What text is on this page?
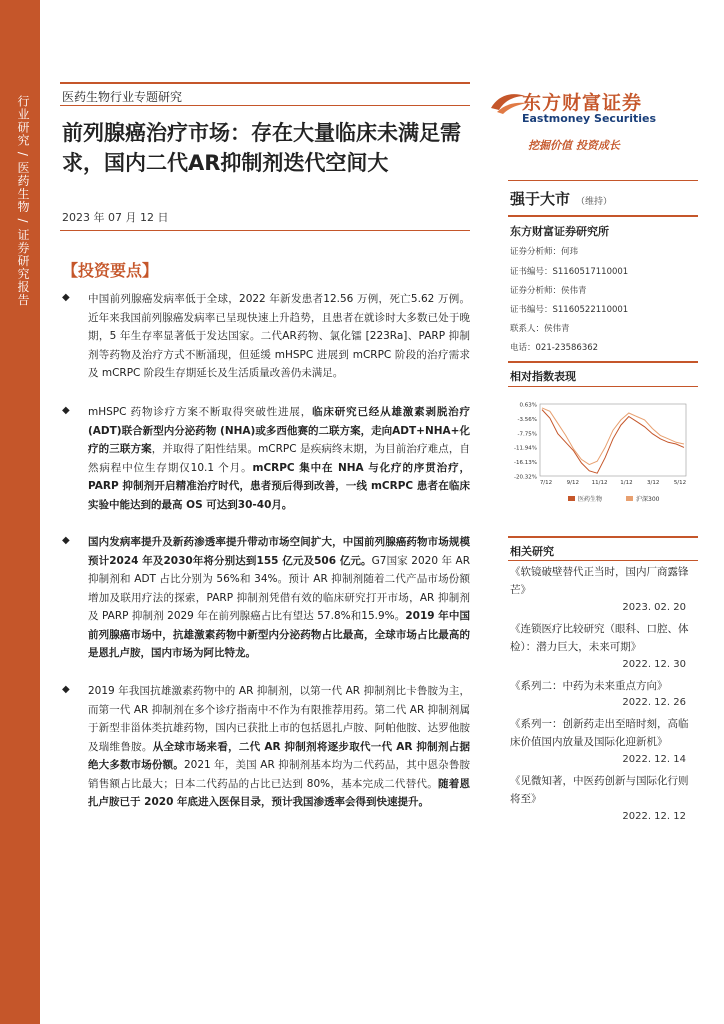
行业研究 / 医药生物 / 证券研究报告	医药生物行业专题研究
前列腺癌治疗市场：存在大量临床未满足需求，国内二代AR抑制剂迭代空间大
2023 年 07 月 12 日
【投资要点】
◆ 中国前列腺癌发病率低于全球，2022 年新发患者12.56 万例，死亡5.62 万例。近年来我国前列腺癌发病率已呈现快速上升趋势，且患者在就诊时大多数已处于晚期，5 年生存率显著低于发达国家。二代AR药物、氯化镭 [223Ra]、PARP 抑制剂等药物及治疗方式不断涌现，但延缓 mHSPC 进展到 mCRPC 阶段的治疗需求及 mCRPC 阶段生存期延长及生活质量改善仍未满足。
◆ mHSPC 药物诊疗方案不断取得突破性进展，临床研究已经从雄激素剥脱治疗(ADT)联合新型内分泌药物 (NHA)或多西他赛的二联方案，走向ADT+NHA+化疗的三联方案，并取得了阳性结果。mCRPC 是疾病终末期，为目前治疗难点，自然病程中位生存期仅10.1 个月。mCRPC 集中在 NHA 与化疗的序贯治疗，PARP 抑制剂开启精准治疗时代，患者预后得到改善，一线 mCRPC 患者在临床实验中能达到的最高 OS 可达到30-40月。
◆ 国内发病率提升及新药渗透率提升带动市场空间扩大，中国前列腺癌药物市场规模预计2024 年及2030年将分别达到155 亿元及506 亿元。G7国家 2020 年 AR 抑制剂和 ADT 占比分别为 56%和 34%。预计 AR 抑制剂随着二代产品市场份额增加及联用疗法的探索，PARP 抑制剂凭借有效的临床研究打开市场，AR 抑制剂及 PARP 抑制剂 2029 年在前列腺癌占比有望达 57.8%和15.9%。2019 年中国前列腺癌市场中，抗雄激素药物中新型内分泌药物占比最高，全球市场占比最高的是恩扎卢胺，国内市场为阿比特龙。
◆ 2019 年我国抗雄激素药物中的 AR 抑制剂，以第一代 AR 抑制剂比卡鲁胺为主，而第一代 AR 抑制剂在多个诊疗指南中不作为有限推荐用药。第二代 AR 抑制剂属于新型非甾体类抗雄药物，国内已获批上市的包括恩扎卢胺、阿帕他胺、达罗他胺及瑞维鲁胺。从全球市场来看，二代 AR 抑制剂将逐步取代一代 AR 抑制剂占据绝大多数市场份额。2021 年，美国 AR 抑制剂基本均为二代药品，其中恩杂鲁胺销售额占比最大；日本二代药品的占比已达到 80%，基本完成二代替代。随着恩扎卢胺已于 2020 年底进入医保目录，预计我国渗透率会得到快速提升。
东方财富证券
Eastmoney Securities
挖掘价值 投资成长
强于大市 （维持）
东方财富证券研究所
证券分析师：何玮
证书编号：S1160517110001
证券分析师：侯伟青
证书编号：S1160522110001
联系人：侯伟青
电话：021-23586362
相对指数表现
0.63%
-3.56%
-7.75%
-11.94%
-16.13%
-20.32%
7/12	9/12 11/12 1/12	3/12	5/12
医药生物	沪深300
相关研究
《软镜破壁替代正当时，国内厂商露锋芒》
2023. 02. 20
《连锁医疗比较研究（眼科、口腔、体检）：潜力巨大，未来可期》
2022. 12. 30
《系列二：中药为未来重点方向》
2022. 12. 26
《系列一：创新药走出至暗时刻，高临床价值国内放量及国际化迎新机》
2022. 12. 14
《见微知著，中医药创新与国际化行则将至》
2022. 12. 12
